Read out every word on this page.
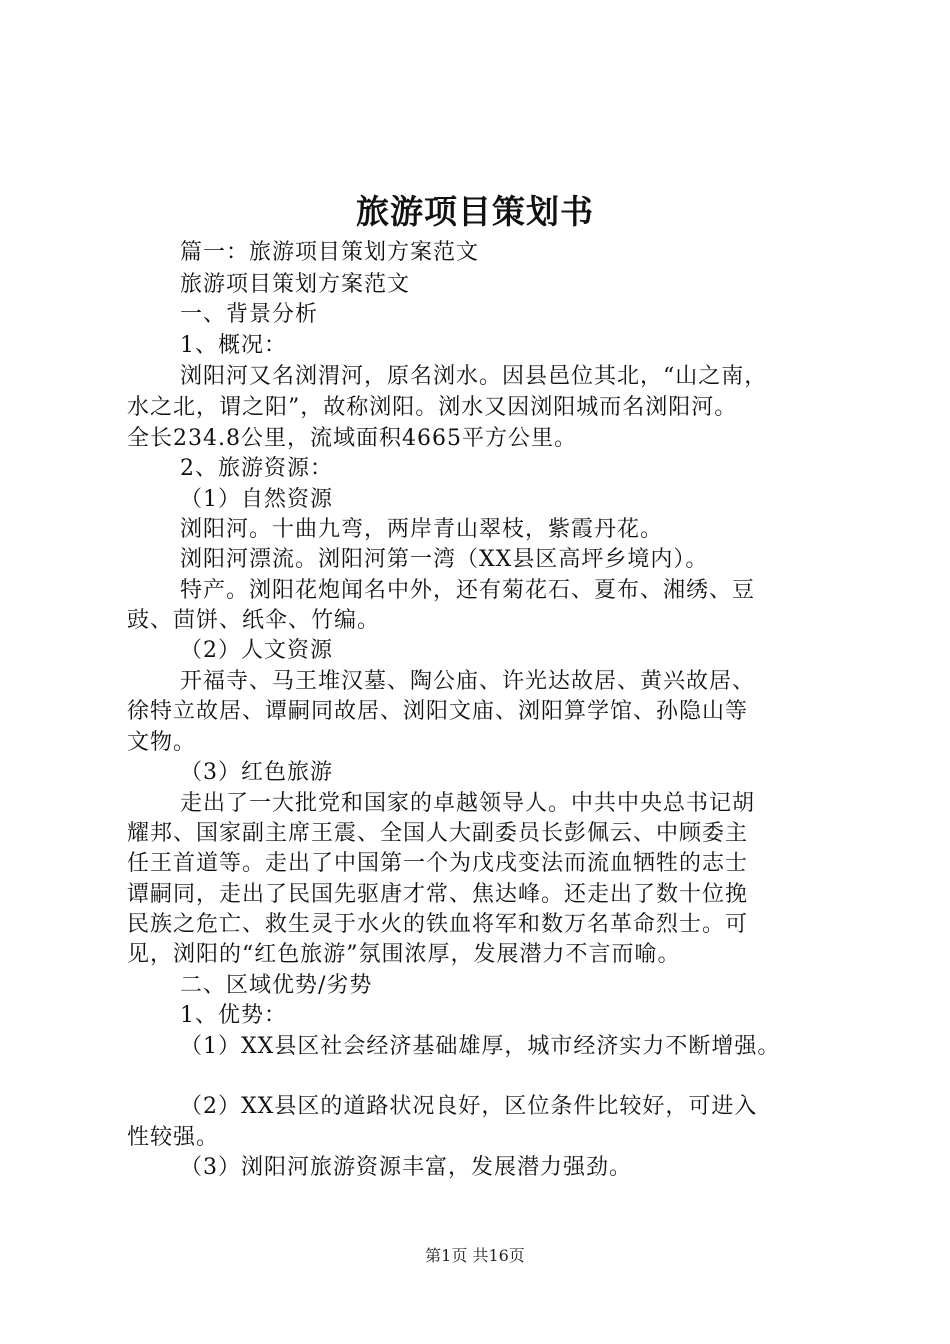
旅游项目策划书
篇一：旅游项目策划方案范文
旅游项目策划方案范文
一、背景分析
1、概况：
浏阳河又名浏渭河，原名浏水。因县邑位其北，“山之南，
水之北，谓之阳”，故称浏阳。浏水又因浏阳城而名浏阳河。
全长234.8公里，流域面积4665平方公里。
2、旅游资源：
（1）自然资源
浏阳河。十曲九弯，两岸青山翠枝，紫霞丹花。
浏阳河漂流。浏阳河第一湾（XX县区高坪乡境内）。
特产。浏阳花炮闻名中外，还有菊花石、夏布、湘绣、豆
豉、茴饼、纸伞、竹编。
（2）人文资源
开福寺、马王堆汉墓、陶公庙、许光达故居、黄兴故居、
徐特立故居、谭嗣同故居、浏阳文庙、浏阳算学馆、孙隐山等
文物。
（3）红色旅游
走出了一大批党和国家的卓越领导人。中共中央总书记胡
耀邦、国家副主席王震、全国人大副委员长彭佩云、中顾委主
任王首道等。走出了中国第一个为戊戌变法而流血牺牲的志士
谭嗣同，走出了民国先驱唐才常、焦达峰。还走出了数十位挽
民族之危亡、救生灵于水火的铁血将军和数万名革命烈士。可
见，浏阳的“红色旅游”氛围浓厚，发展潜力不言而喻。
二、区域优势/劣势
1、优势：
（1）XX县区社会经济基础雄厚，城市经济实力不断增强。
（2）XX县区的道路状况良好，区位条件比较好，可进入
性较强。
（3）浏阳河旅游资源丰富，发展潜力强劲。
第1页 共16页
